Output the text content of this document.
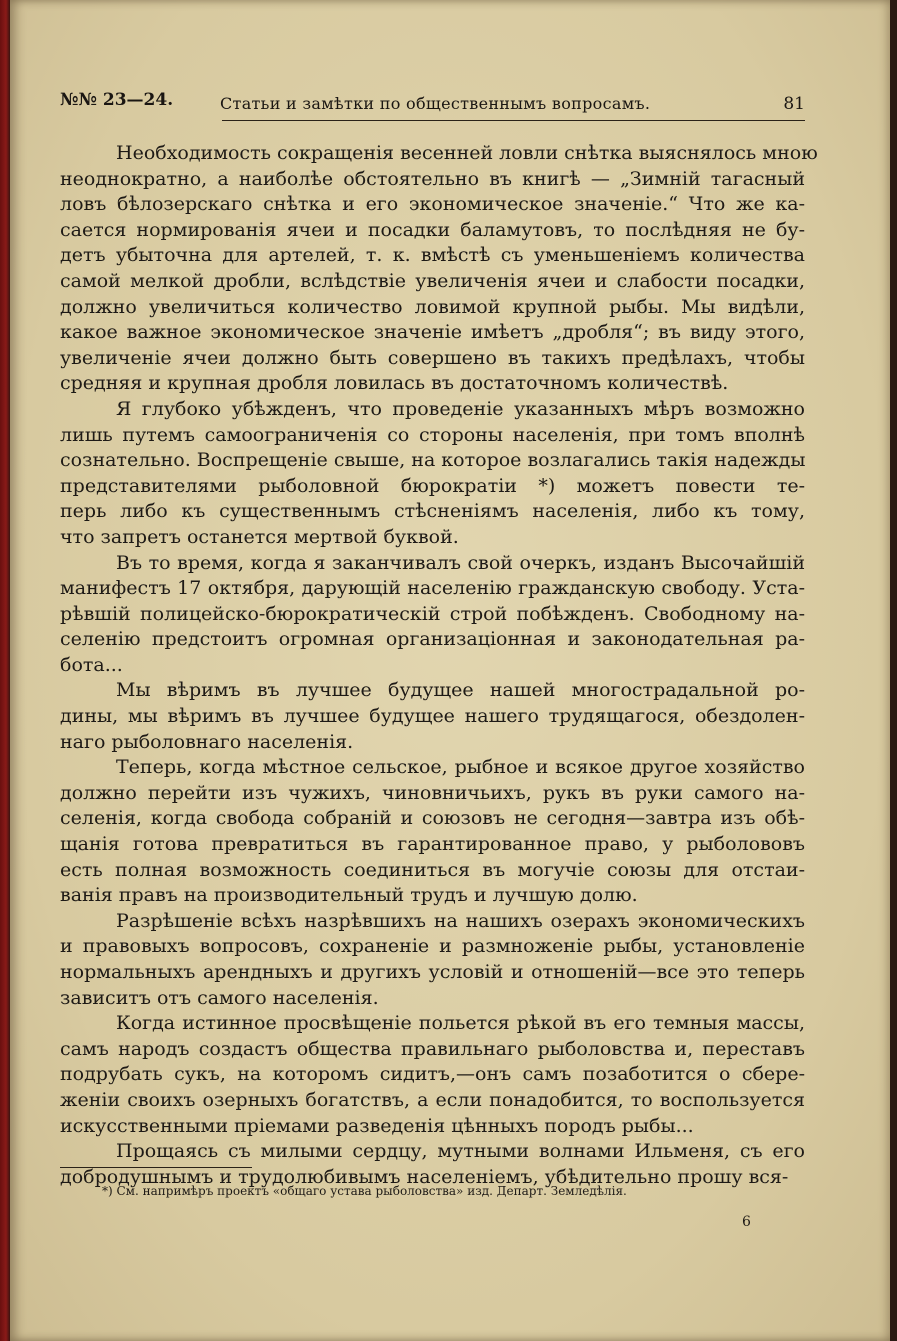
№№ 23—24.	Статьи и замѣтки по общественнымъ вопросамъ.	81
Необходимость сокращенія весенней ловли снѣтка выяснялось мною
неоднократно, а наиболѣе обстоятельно въ книгѣ — „Зимній тагасный
ловъ бѣлозерскаго снѣтка и его экономическое значеніе.“ Что же ка-
сается нормированія ячеи и посадки баламутовъ, то послѣдняя не бу-
детъ убыточна для артелей, т. к. вмѣстѣ съ уменьшеніемъ количества
самой мелкой дробли, вслѣдствіе увеличенія ячеи и слабости посадки,
должно увеличиться количество ловимой крупной рыбы. Мы видѣли,
какое важное экономическое значеніе имѣетъ „дробля“; въ виду этого,
увеличеніе ячеи должно быть совершено въ такихъ предѣлахъ, чтобы
средняя и крупная дробля ловилась въ достаточномъ количествѣ.
Я глубоко убѣжденъ, что проведеніе указанныхъ мѣръ возможно
лишь путемъ самоограниченія со стороны населенія, при томъ вполнѣ
сознательно. Воспрещеніе свыше, на которое возлагались такія надежды
представителями рыболовной бюрократіи *) можетъ повести те-
перь либо къ существеннымъ стѣсненіямъ населенія, либо къ тому,
что запретъ останется мертвой буквой.
Въ то время, когда я заканчивалъ свой очеркъ, изданъ Высочайшій
манифестъ 17 октября, дарующій населенію гражданскую свободу. Уста-
рѣвшій полицейско-бюрократическій строй побѣжденъ. Свободному на-
селенію предстоитъ огромная организаціонная и законодательная ра-
бота...
Мы вѣримъ въ лучшее будущее нашей многострадальной ро-
дины, мы вѣримъ въ лучшее будущее нашего трудящагося, обездолен-
наго рыболовнаго населенія.
Теперь, когда мѣстное сельское, рыбное и всякое другое хозяйство
должно перейти изъ чужихъ, чиновничьихъ, рукъ въ руки самого на-
селенія, когда свобода собраній и союзовъ не сегодня—завтра изъ обѣ-
щанія готова превратиться въ гарантированное право, у рыболововъ
есть полная возможность соединиться въ могучіе союзы для отстаи-
ванія правъ на производительный трудъ и лучшую долю.
Разрѣшеніе всѣхъ назрѣвшихъ на нашихъ озерахъ экономическихъ
и правовыхъ вопросовъ, сохраненіе и размноженіе рыбы, установленіе
нормальныхъ арендныхъ и другихъ условій и отношеній—все это теперь
зависитъ отъ самого населенія.
Когда истинное просвѣщеніе польется рѣкой въ его темныя массы,
самъ народъ создастъ общества правильнаго рыболовства и, переставъ
подрубать сукъ, на которомъ сидитъ,—онъ самъ позаботится о сбере-
женіи своихъ озерныхъ богатствъ, а если понадобится, то воспользуется
искусственными пріемами разведенія цѣнныхъ породъ рыбы...
Прощаясь съ милыми сердцу, мутными волнами Ильменя, съ его
добродушнымъ и трудолюбивымъ населеніемъ, убѣдительно прошу вся-
*) См. напримѣръ проектъ «общаго устава рыболовства» изд. Департ. Земледѣлія.
6
